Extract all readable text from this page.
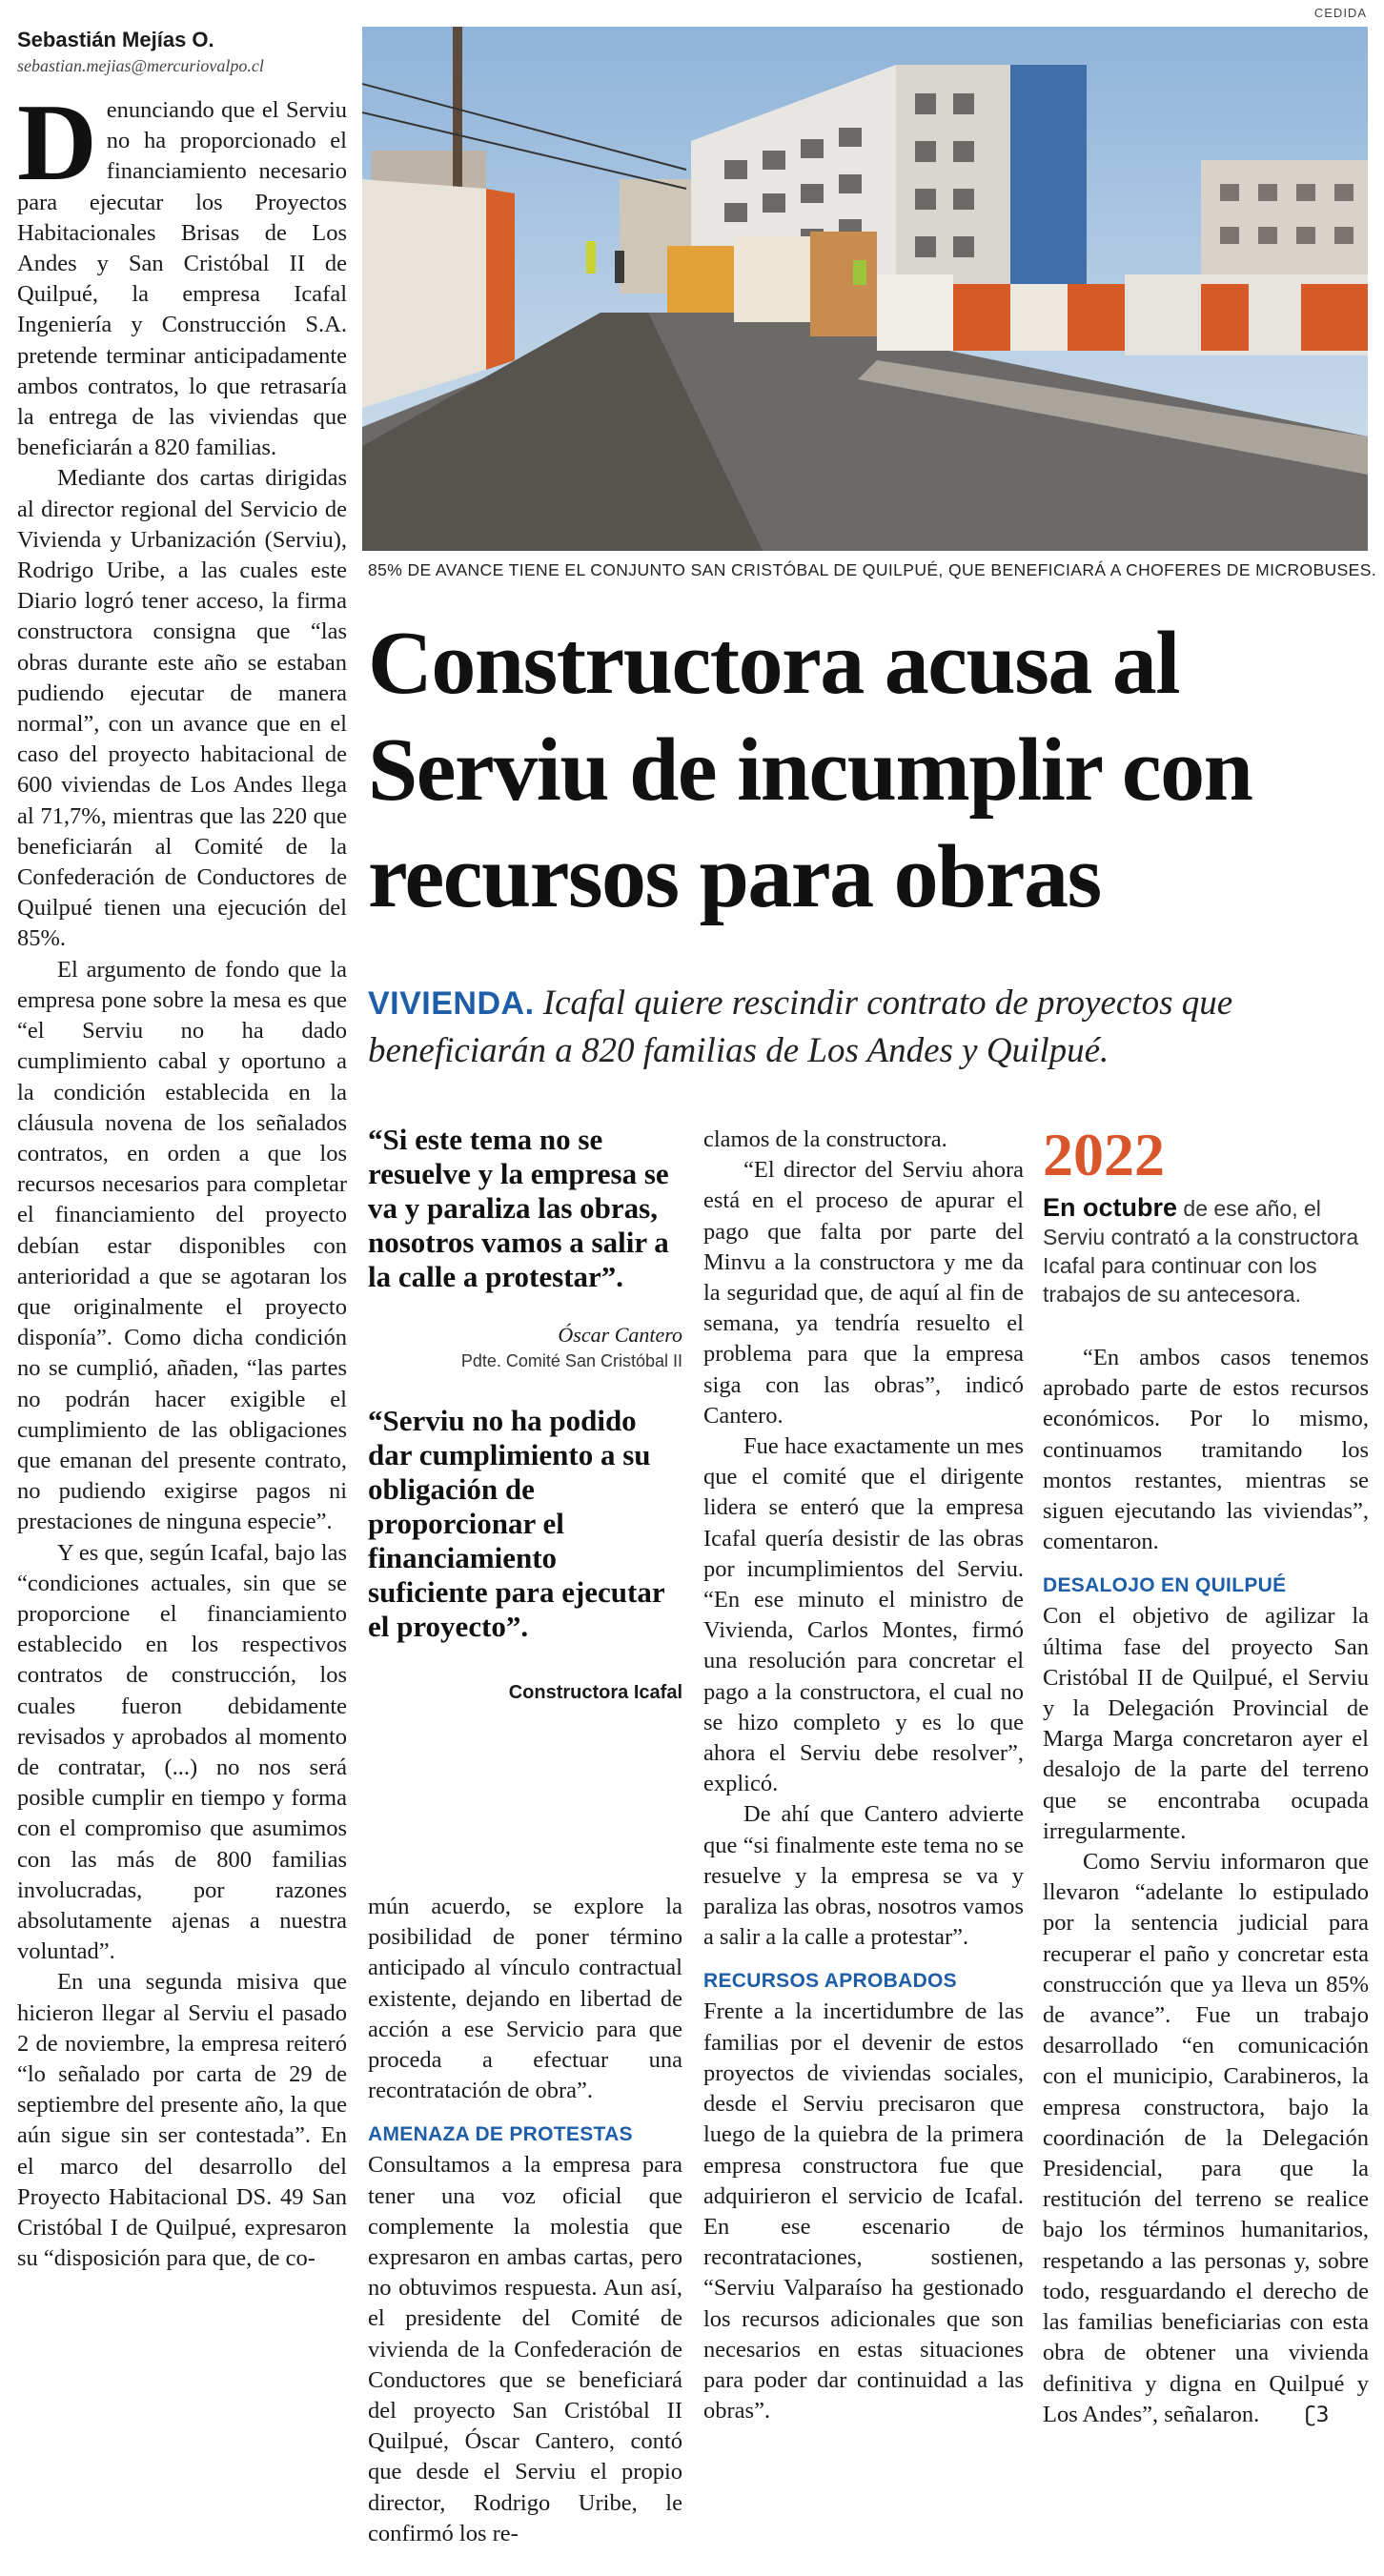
CEDIDA
Sebastián Mejías O.
sebastian.mejias@mercuriovalpo.cl

Denunciando que el Serviu no ha proporcionado el financiamiento necesario para ejecutar los Proyectos Habitacionales Brisas de Los Andes y San Cristóbal II de Quilpué, la empresa Icafal Ingeniería y Construcción S.A. pretende terminar anticipadamente ambos contratos, lo que retrasaría la entrega de las viviendas que beneficiarán a 820 familias.

Mediante dos cartas dirigidas al director regional del Servicio de Vivienda y Urbanización (Serviu), Rodrigo Uribe, a las cuales este Diario logró tener acceso, la firma constructora consigna que “las obras durante este año se estaban pudiendo ejecutar de manera normal”, con un avance que en el caso del proyecto habitacional de 600 viviendas de Los Andes llega al 71,7%, mientras que las 220 que beneficiarán al Comité de la Confederación de Conductores de Quilpué tienen una ejecución del 85%.

El argumento de fondo que la empresa pone sobre la mesa es que “el Serviu no ha dado cumplimiento cabal y oportuno a la condición establecida en la cláusula novena de los señalados contratos, en orden a que los recursos necesarios para completar el financiamiento del proyecto debían estar disponibles con anterioridad a que se agotaran los que originalmente el proyecto disponía”. Como dicha condición no se cumplió, añaden, “las partes no podrán hacer exigible el cumplimiento de las obligaciones que emanan del presente contrato, no pudiendo exigirse pagos ni prestaciones de ninguna especie”.

Y es que, según Icafal, bajo las “condiciones actuales, sin que se proporcione el financiamiento establecido en los respectivos contratos de construcción, los cuales fueron debidamente revisados y aprobados al momento de contratar, (...) no nos será posible cumplir en tiempo y forma con el compromiso que asumimos con las más de 800 familias involucradas, por razones absolutamente ajenas a nuestra voluntad”.

En una segunda misiva que hicieron llegar al Serviu el pasado 2 de noviembre, la empresa reiteró “lo señalado por carta de 29 de septiembre del presente año, la que aún sigue sin ser contestada”. En el marco del desarrollo del Proyecto Habitacional DS. 49 San Cristóbal I de Quilpué, expresaron su “disposición para que, de co-

85% DE AVANCE TIENE EL CONJUNTO SAN CRISTÓBAL DE QUILPUÉ, QUE BENEFICIARÁ A CHOFERES DE MICROBUSES.
Constructora acusa al Serviu de incumplir con recursos para obras
VIVIENDA. Icafal quiere rescindir contrato de proyectos que beneficiarán a 820 familias de Los Andes y Quilpué.
“Si este tema no se resuelve y la empresa se va y paraliza las obras, nosotros vamos a salir a la calle a protestar”.
Óscar Cantero
Pdte. Comité San Cristóbal II
“Serviu no ha podido dar cumplimiento a su obligación de proporcionar el financiamiento suficiente para ejecutar el proyecto”.
Constructora Icafal

mún acuerdo, se explore la posibilidad de poner término anticipado al vínculo contractual existente, dejando en libertad de acción a ese Servicio para que proceda a efectuar una recontratación de obra”.

AMENAZA DE PROTESTAS

Consultamos a la empresa para tener una voz oficial que complemente la molestia que expresaron en ambas cartas, pero no obtuvimos respuesta. Aun así, el presidente del Comité de vivienda de la Confederación de Conductores que se beneficiará del proyecto San Cristóbal II Quilpué, Óscar Cantero, contó que desde el Serviu el propio director, Rodrigo Uribe, le confirmó los re-

clamos de la constructora.

“El director del Serviu ahora está en el proceso de apurar el pago que falta por parte del Minvu a la constructora y me da la seguridad que, de aquí al fin de semana, ya tendría resuelto el problema para que la empresa siga con las obras”, indicó Cantero.

Fue hace exactamente un mes que el comité que el dirigente lidera se enteró que la empresa Icafal quería desistir de las obras por incumplimientos del Serviu. “En ese minuto el ministro de Vivienda, Carlos Montes, firmó una resolución para concretar el pago a la constructora, el cual no se hizo completo y es lo que ahora el Serviu debe resolver”, explicó.

De ahí que Cantero advierte que “si finalmente este tema no se resuelve y la empresa se va y paraliza las obras, nosotros vamos a salir a la calle a protestar”.

RECURSOS APROBADOS

Frente a la incertidumbre de las familias por el devenir de estos proyectos de viviendas sociales, desde el Serviu precisaron que luego de la quiebra de la primera empresa constructora fue que adquirieron el servicio de Icafal. En ese escenario de recontrataciones, sostienen, “Serviu Valparaíso ha gestionado los recursos adicionales que son necesarios en estas situaciones para poder dar continuidad a las obras”.

2022
En octubre de ese año, el Serviu contrató a la constructora Icafal para continuar con los trabajos de su antecesora.

“En ambos casos tenemos aprobado parte de estos recursos económicos. Por lo mismo, continuamos tramitando los montos restantes, mientras se siguen ejecutando las viviendas”, comentaron.

DESALOJO EN QUILPUÉ

Con el objetivo de agilizar la última fase del proyecto San Cristóbal II de Quilpué, el Serviu y la Delegación Provincial de Marga Marga concretaron ayer el desalojo de la parte del terreno que se encontraba ocupada irregularmente.

Como Serviu informaron que llevaron “adelante lo estipulado por la sentencia judicial para recuperar el paño y concretar esta construcción que ya lleva un 85% de avance”. Fue un trabajo desarrollado “en comunicación con el municipio, Carabineros, la empresa constructora, bajo la coordinación de la Delegación Presidencial, para que la restitución del terreno se realice bajo los términos humanitarios, respetando a las personas y, sobre todo, resguardando el derecho de las familias beneficiarias con esta obra de obtener una vivienda definitiva y digna en Quilpué y Los Andes”, señalaron. ʗ3
